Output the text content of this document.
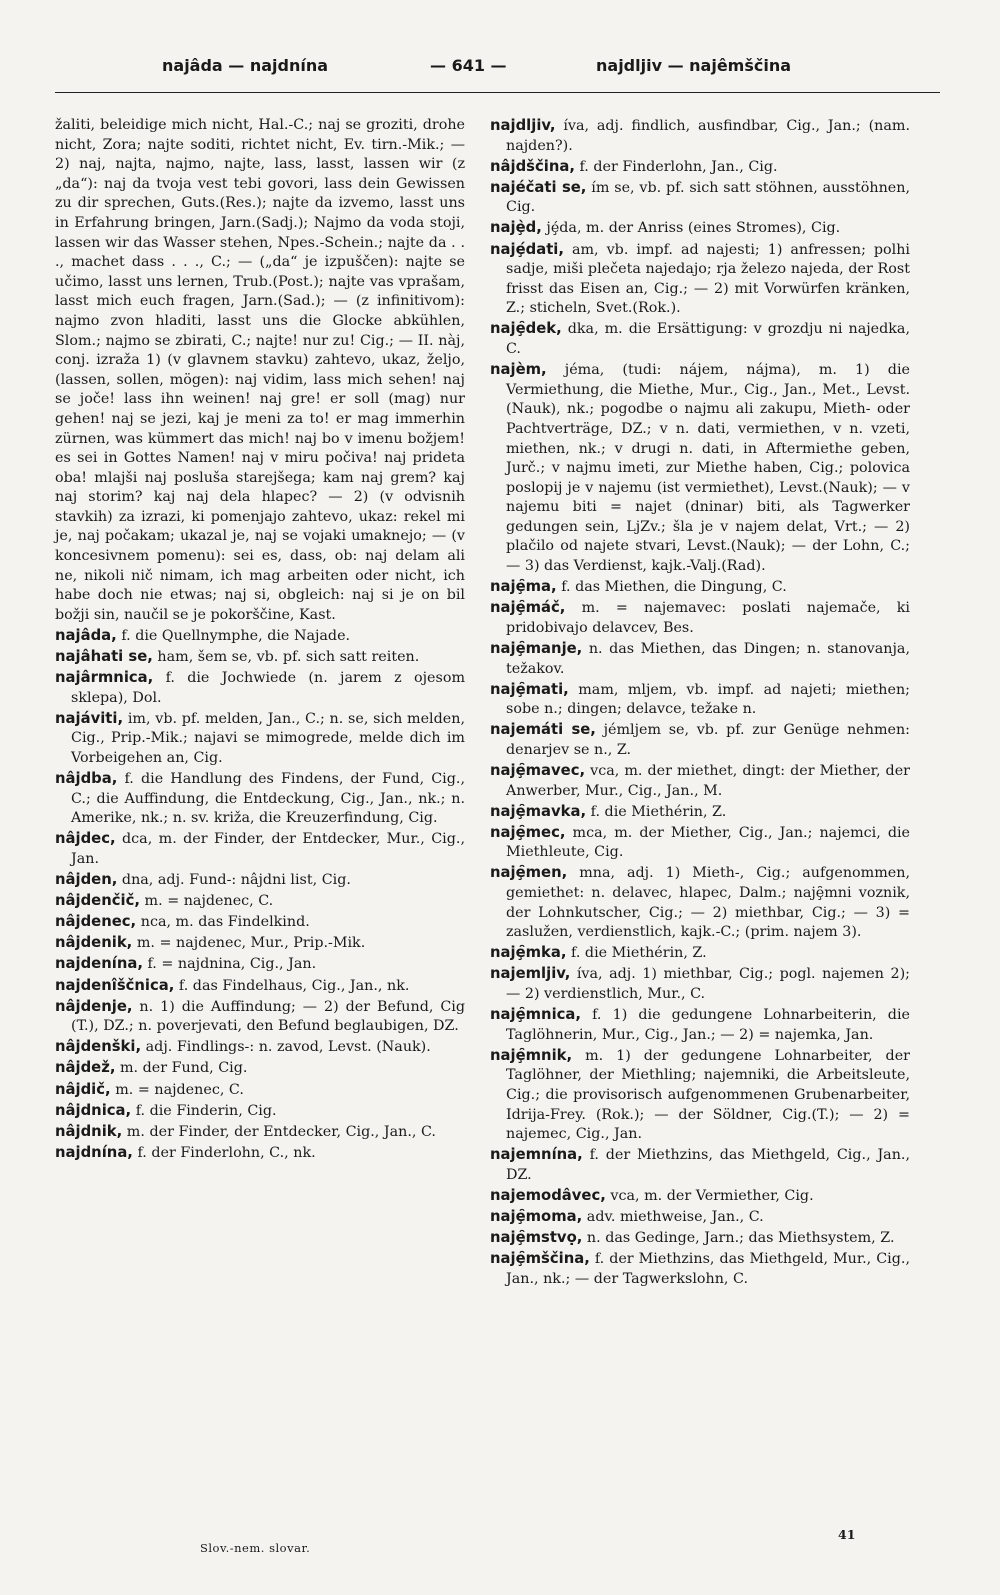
najâda — najdnína	— 641 —	najdljiv — najêmščina
žaliti, beleidige mich nicht, Hal.-C.; naj se groziti, drohe nicht, Zora; najte soditi, richtet nicht, Ev. tirn.-Mik.; — 2) naj, najta, najmo, najte, lass, lasst, lassen wir (z „da“): naj da tvoja vest tebi govori, lass dein Gewissen zu dir sprechen, Guts.(Res.); najte da izvemo, lasst uns in Erfahrung bringen, Jarn.(Sadj.); Najmo da voda stoji, lassen wir das Wasser stehen, Npes.-Schein.; najte da . . ., machet dass . . ., C.; — („da“ je izpuščen): najte se učimo, lasst uns lernen, Trub.(Post.); najte vas vprašam, lasst mich euch fragen, Jarn.(Sad.); — (z infinitivom): najmo zvon hladiti, lasst uns die Glocke abkühlen, Slom.; najmo se zbirati, C.; najte! nur zu! Cig.; — II. nàj, conj. izraža 1) (v glavnem stavku) zahtevo, ukaz, željo, (lassen, sollen, mögen): naj vidim, lass mich sehen! naj se joče! lass ihn weinen! naj gre! er soll (mag) nur gehen! naj se jezi, kaj je meni za to! er mag immerhin zürnen, was kümmert das mich! naj bo v imenu božjem! es sei in Gottes Namen! naj v miru počiva! naj prideta oba! mlajši naj posluša starejšega; kam naj grem? kaj naj storim? kaj naj dela hlapec? — 2) (v odvisnih stavkih) za izrazi, ki pomenjajo zahtevo, ukaz: rekel mi je, naj počakam; ukazal je, naj se vojaki umaknejo; — (v koncesivnem pomenu): sei es, dass, ob: naj delam ali ne, nikoli nič nimam, ich mag arbeiten oder nicht, ich habe doch nie etwas; naj si, obgleich: naj si je on bil božji sin, naučil se je pokorščine, Kast.
najâda, f. die Quellnymphe, die Najade.
najâhati se, ham, šem se, vb. pf. sich satt reiten.
najârmnica, f. die Jochwiede (n. jarem z ojesom sklepa), Dol.
najáviti, im, vb. pf. melden, Jan., C.; n. se, sich melden, Cig., Prip.-Mik.; najavi se mimogrede, melde dich im Vorbeigehen an, Cig.
nâjdba, f. die Handlung des Findens, der Fund, Cig., C.; die Auffindung, die Entdeckung, Cig., Jan., nk.; n. Amerike, nk.; n. sv. križa, die Kreuzerfindung, Cig.
nâjdec, dca, m. der Finder, der Entdecker, Mur., Cig., Jan.
nâjden, dna, adj. Fund-: nâjdni list, Cig.
nâjdenčič, m. = najdenec, C.
nâjdenec, nca, m. das Findelkind.
nâjdenik, m. = najdenec, Mur., Prip.-Mik.
najdenína, f. = najdnina, Cig., Jan.
najdenîščnica, f. das Findelhaus, Cig., Jan., nk.
nâjdenje, n. 1) die Auffindung; — 2) der Befund, Cig (T.), DZ.; n. poverjevati, den Befund beglaubigen, DZ.
nâjdenški, adj. Findlings-: n. zavod, Levst. (Nauk).
nâjdež, m. der Fund, Cig.
nâjdič, m. = najdenec, C.
nâjdnica, f. die Finderin, Cig.
nâjdnik, m. der Finder, der Entdecker, Cig., Jan., C.
najdnína, f. der Finderlohn, C., nk.
najdljiv, íva, adj. findlich, ausfindbar, Cig., Jan.; (nam. najden?).
nâjdščina, f. der Finderlohn, Jan., Cig.
najéčati se, ím se, vb. pf. sich satt stöhnen, ausstöhnen, Cig.
najȩ̀d, jȩ́da, m. der Anriss (eines Stromes), Cig.
najȩ́dati, am, vb. impf. ad najesti; 1) anfressen; polhi sadje, miši plečeta najedajo; rja železo najeda, der Rost frisst das Eisen an, Cig.; — 2) mit Vorwürfen kränken, Z.; sticheln, Svet.(Rok.).
najȩ̑dek, dka, m. die Ersättigung: v grozdju ni najedka, C.
najèm, jéma, (tudi: nájem, nájma), m. 1) die Vermiethung, die Miethe, Mur., Cig., Jan., Met., Levst.(Nauk), nk.; pogodbe o najmu ali zakupu, Mieth- oder Pachtverträge, DZ.; v n. dati, vermiethen, v n. vzeti, miethen, nk.; v drugi n. dati, in Aftermiethe geben, Jurč.; v najmu imeti, zur Miethe haben, Cig.; polovica poslopij je v najemu (ist vermiethet), Levst.(Nauk); — v najemu biti = najet (dninar) biti, als Tagwerker gedungen sein, LjZv.; šla je v najem delat, Vrt.; — 2) plačilo od najete stvari, Levst.(Nauk); — der Lohn, C.; — 3) das Verdienst, kajk.-Valj.(Rad).
najȩ̑ma, f. das Miethen, die Dingung, C.
najȩ̑máč, m. = najemavec: poslati najemače, ki pridobivajo delavcev, Bes.
najȩ̑manje, n. das Miethen, das Dingen; n. stanovanja, težakov.
najȩ̑mati, mam, mljem, vb. impf. ad najeti; miethen; sobe n.; dingen; delavce, težake n.
najemáti se, jémljem se, vb. pf. zur Genüge nehmen: denarjev se n., Z.
najȩ̑mavec, vca, m. der miethet, dingt: der Miether, der Anwerber, Mur., Cig., Jan., M.
najȩ̑mavka, f. die Miethérin, Z.
najȩ̑mec, mca, m. der Miether, Cig., Jan.; najemci, die Miethleute, Cig.
najȩ̑men, mna, adj. 1) Mieth-, Cig.; aufgenommen, gemiethet: n. delavec, hlapec, Dalm.; najȩ̑mni voznik, der Lohnkutscher, Cig.; — 2) miethbar, Cig.; — 3) = zaslužen, verdienstlich, kajk.-C.; (prim. najem 3).
najȩ̑mka, f. die Miethérin, Z.
najemljiv, íva, adj. 1) miethbar, Cig.; pogl. najemen 2); — 2) verdienstlich, Mur., C.
najȩ̑mnica, f. 1) die gedungene Lohnarbeiterin, die Taglöhnerin, Mur., Cig., Jan.; — 2) = najemka, Jan.
najȩ̑mnik, m. 1) der gedungene Lohnarbeiter, der Taglöhner, der Miethling; najemniki, die Arbeitsleute, Cig.; die provisorisch aufgenommenen Grubenarbeiter, Idrija-Frey. (Rok.); — der Söldner, Cig.(T.); — 2) = najemec, Cig., Jan.
najemnína, f. der Miethzins, das Miethgeld, Cig., Jan., DZ.
najemodâvec, vca, m. der Vermiether, Cig.
najȩ̑moma, adv. miethweise, Jan., C.
najȩ̑mstvọ, n. das Gedinge, Jarn.; das Miethsystem, Z.
najȩ̑mščina, f. der Miethzins, das Miethgeld, Mur., Cig., Jan., nk.; — der Tagwerkslohn, C.
Slov.-nem. slovar.
41
